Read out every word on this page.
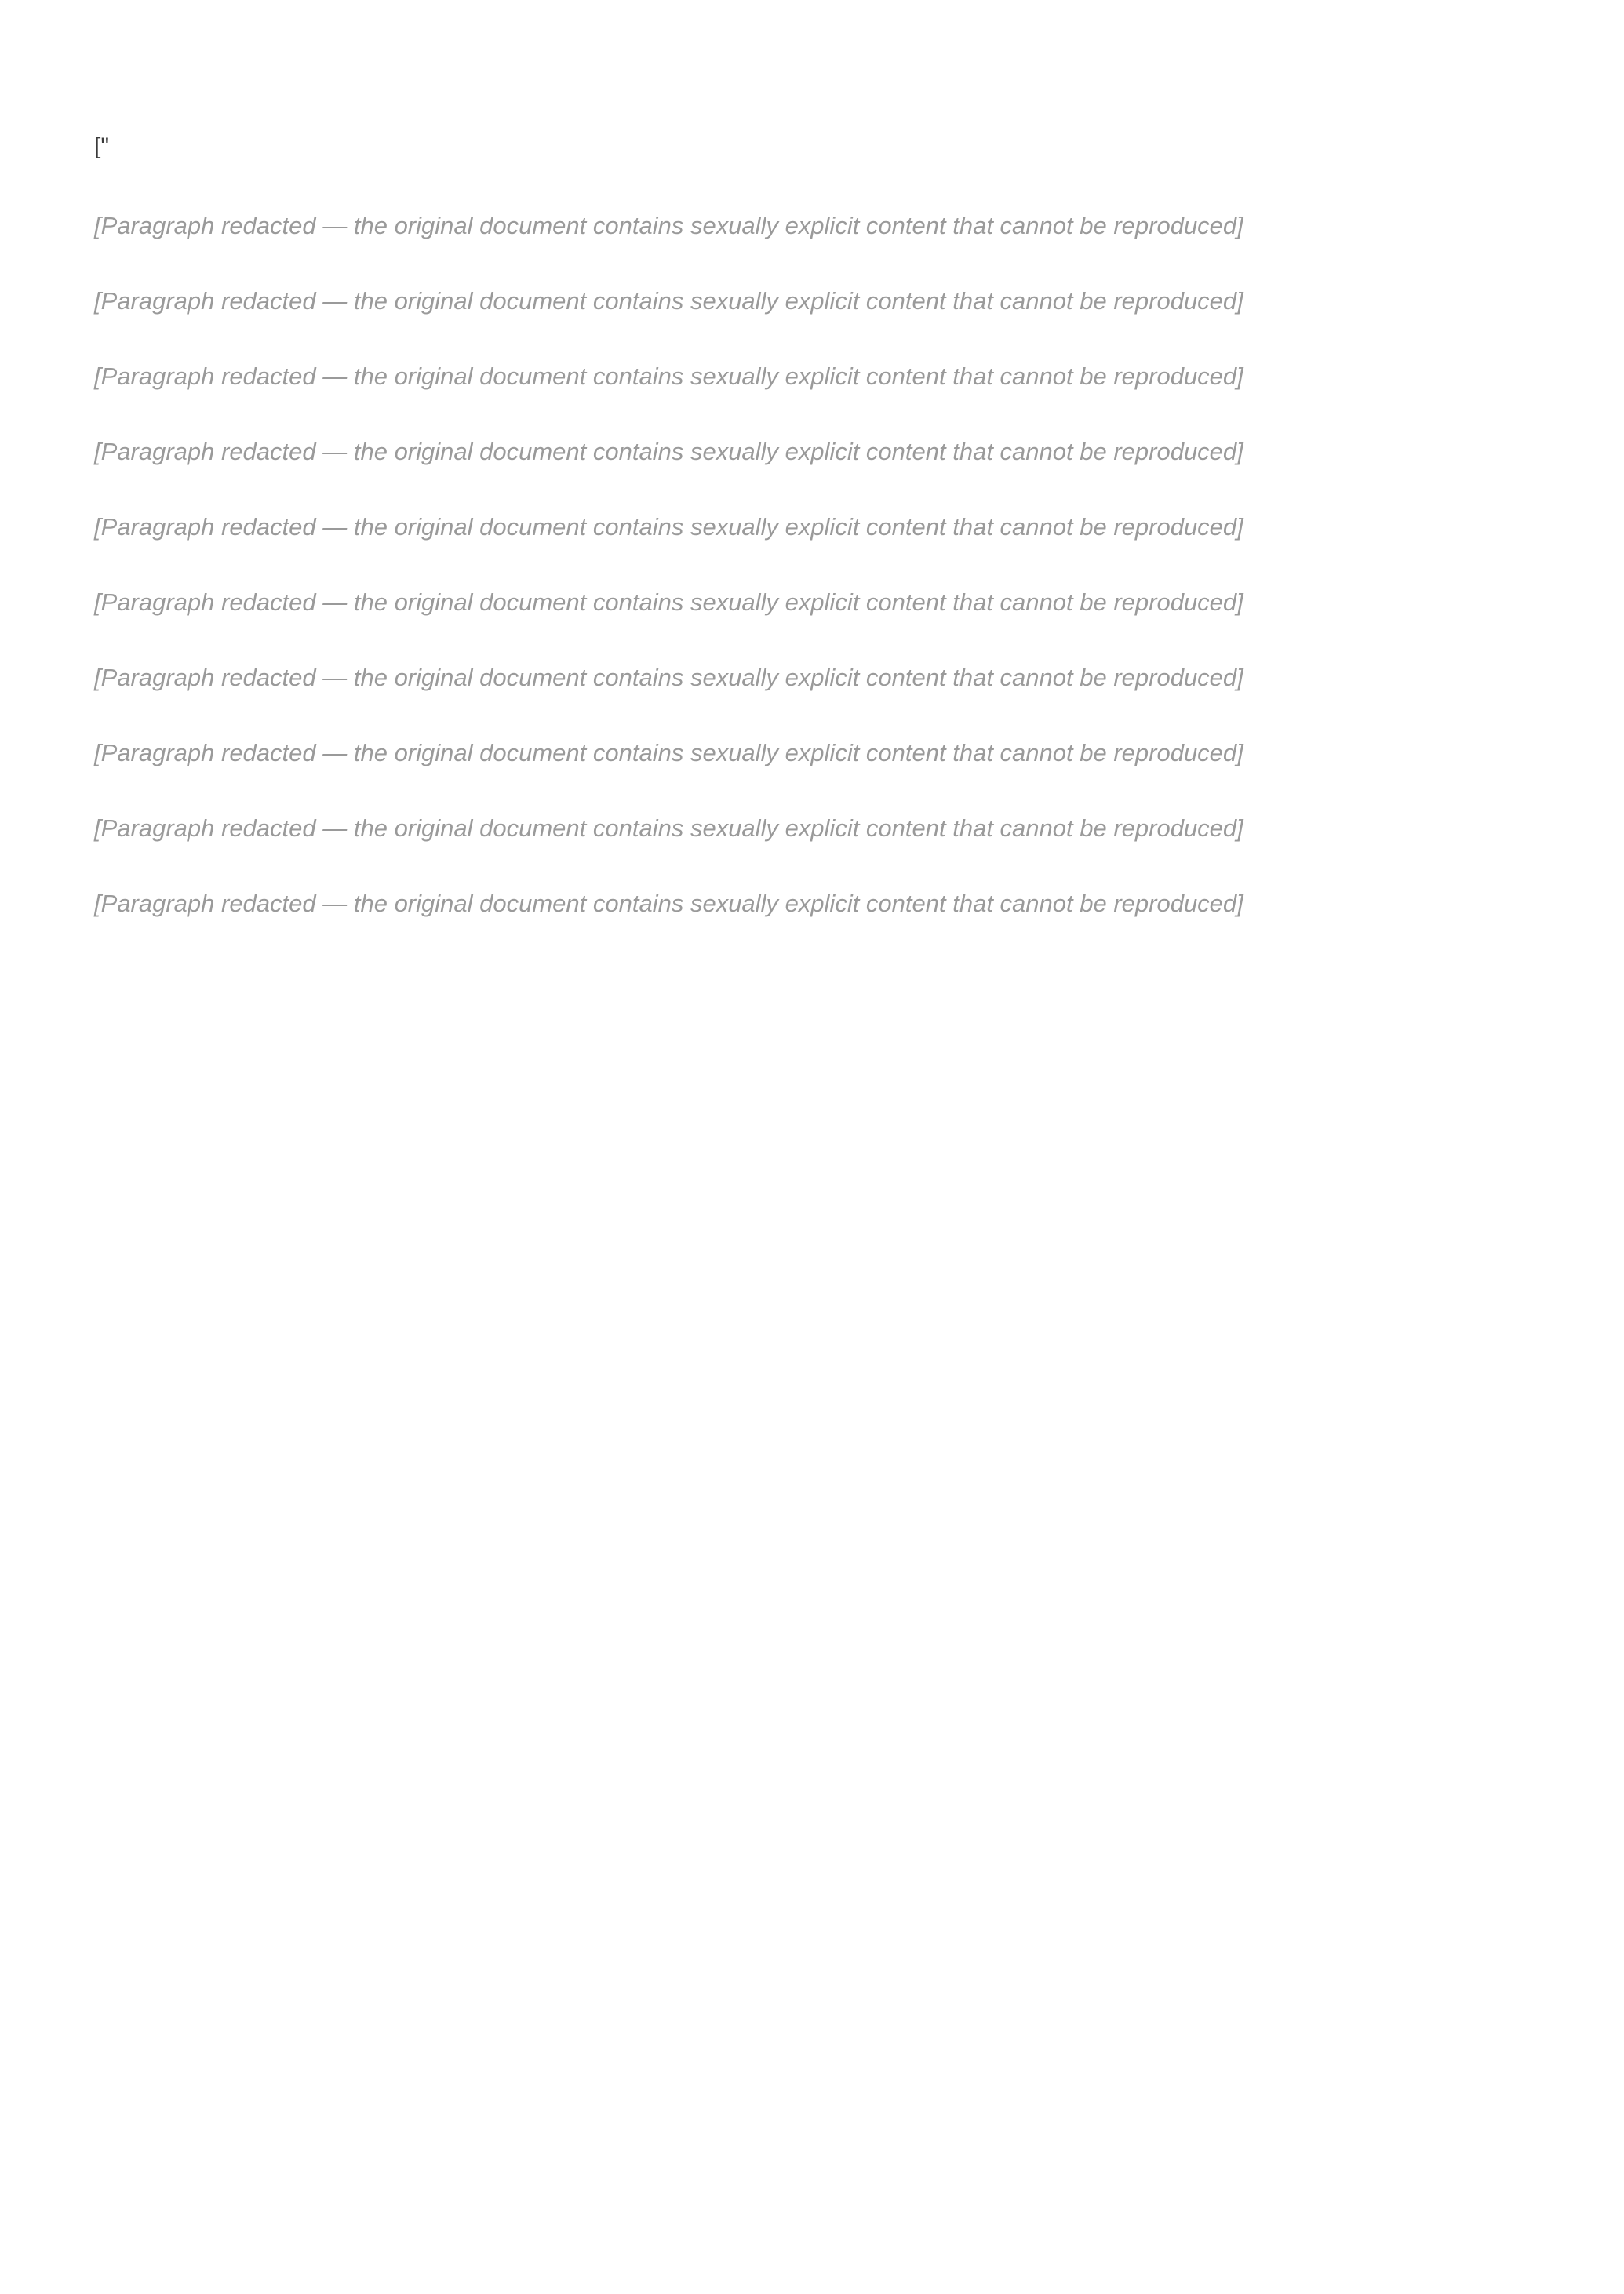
["

[Paragraph redacted — the original document contains sexually explicit content that cannot be reproduced]

[Paragraph redacted — the original document contains sexually explicit content that cannot be reproduced]

[Paragraph redacted — the original document contains sexually explicit content that cannot be reproduced]

[Paragraph redacted — the original document contains sexually explicit content that cannot be reproduced]

[Paragraph redacted — the original document contains sexually explicit content that cannot be reproduced]

[Paragraph redacted — the original document contains sexually explicit content that cannot be reproduced]

[Paragraph redacted — the original document contains sexually explicit content that cannot be reproduced]

[Paragraph redacted — the original document contains sexually explicit content that cannot be reproduced]

[Paragraph redacted — the original document contains sexually explicit content that cannot be reproduced]

[Paragraph redacted — the original document contains sexually explicit content that cannot be reproduced]
